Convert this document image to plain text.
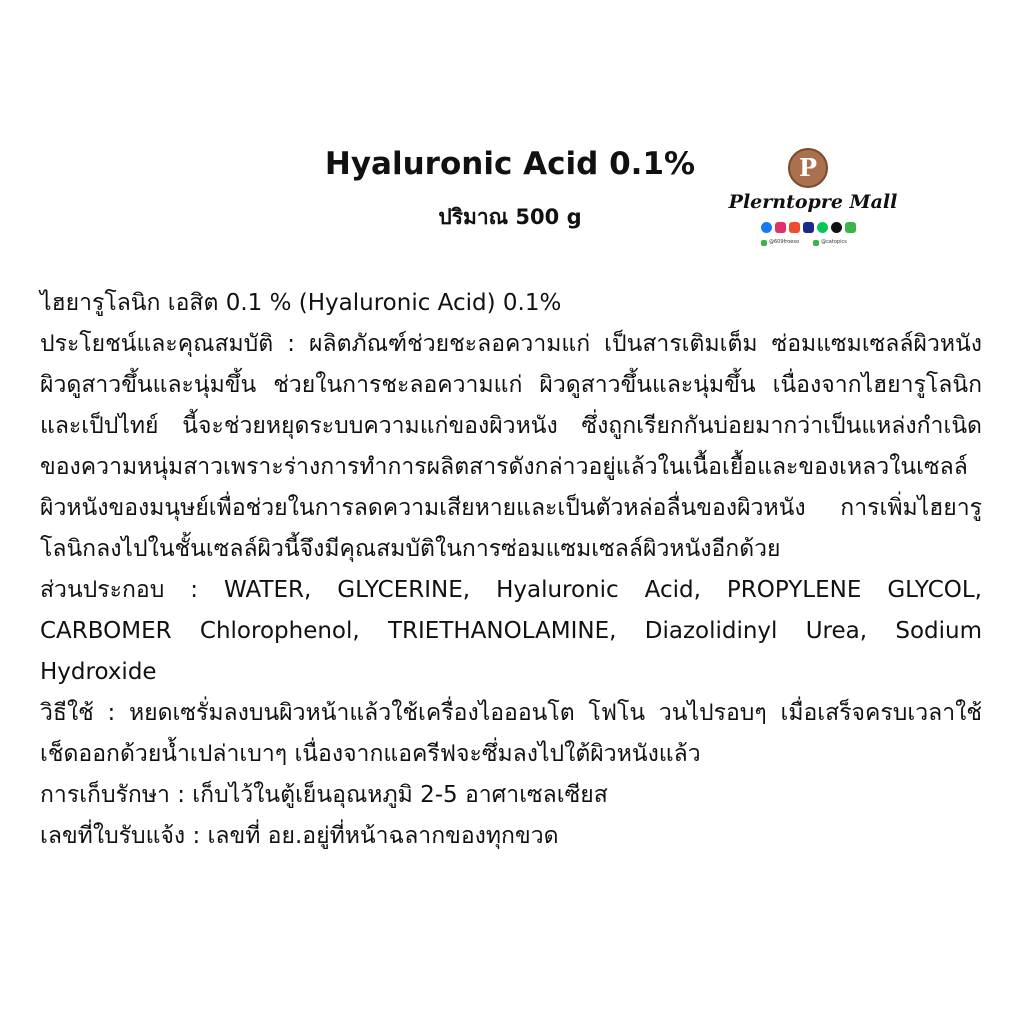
Hyaluronic Acid 0.1%
ปริมาณ 500 g
P
Plerntopre Mall
@609froeso	@catopics

ไฮยารูโลนิก เอสิต 0.1 % (Hyaluronic Acid) 0.1%

ประโยชน์และคุณสมบัติ : ผลิตภัณฑ์ช่วยชะลอความแก่ เป็นสารเติมเต็ม ซ่อมแซมเซลล์ผิวหนัง ผิวดูสาวขึ้นและนุ่มขึ้น ช่วยในการชะลอความแก่ ผิวดูสาวขึ้นและนุ่มขึ้น เนื่องจากไฮยารูโลนิกและเป็ปไทย์ นี้จะช่วยหยุดระบบความแก่ของผิวหนัง ซึ่งถูกเรียกกันบ่อยมากว่าเป็นแหล่งกำเนิดของความหนุ่มสาวเพราะร่างการทำการผลิตสารดังกล่าวอยู่แล้วในเนื้อเยื้อและของเหลวในเซลล์ผิวหนังของมนุษย์เพื่อช่วยในการลดความเสียหายและเป็นตัวหล่อลื่นของผิวหนัง การเพิ่มไฮยารูโลนิกลงไปในชั้นเซลล์ผิวนี้จึงมีคุณสมบัติในการซ่อมแซมเซลล์ผิวหนังอีกด้วย

ส่วนประกอบ : WATER, GLYCERINE, Hyaluronic Acid, PROPYLENE GLYCOL, CARBOMER Chlorophenol, TRIETHANOLAMINE, Diazolidinyl Urea, Sodium Hydroxide

วิธีใช้ : หยดเซรั่มลงบนผิวหน้าแล้วใช้เครื่องไอออนโต โฟโน วนไปรอบๆ เมื่อเสร็จครบเวลาใช้เช็ดออกด้วยน้ำเปล่าเบาๆ เนื่องจากแอครีฟจะซึ่มลงไปใต้ผิวหนังแล้ว

การเก็บรักษา : เก็บไว้ในตู้เย็นอุณหภูมิ 2-5 อาศาเซลเซียส

เลขที่ใบรับแจ้ง : เลขที่ อย.อยู่ที่หน้าฉลากของทุกขวด
